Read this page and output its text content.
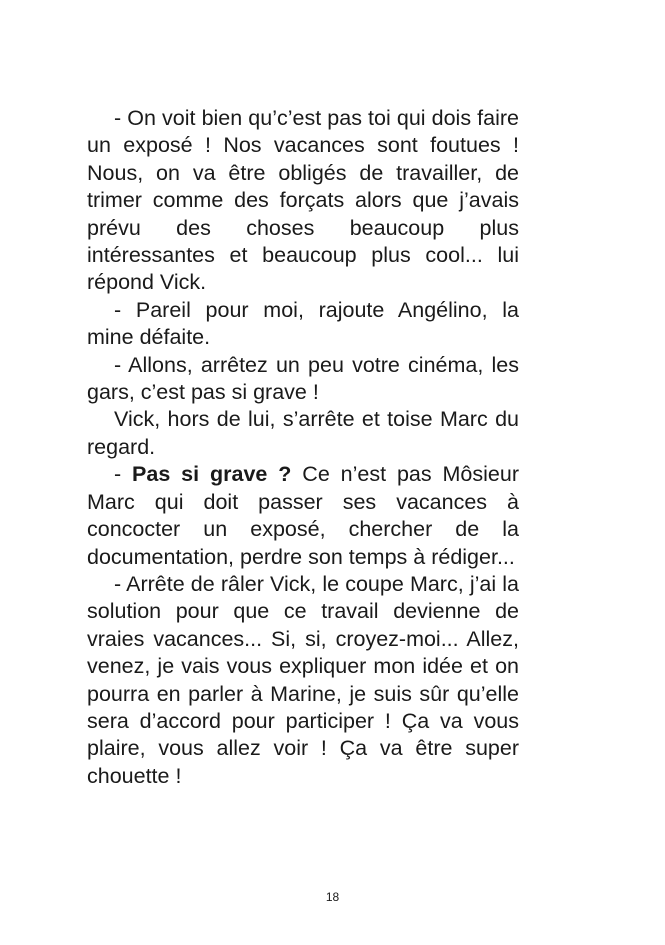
- On voit bien qu’c’est pas toi qui dois faire un exposé ! Nos vacances sont foutues ! Nous, on va être obligés de travailler, de trimer comme des forçats alors que j’avais prévu des choses beaucoup plus intéressantes et beaucoup plus cool... lui répond Vick.

- Pareil pour moi, rajoute Angélino, la mine défaite.

- Allons, arrêtez un peu votre cinéma, les gars, c’est pas si grave !

Vick, hors de lui, s’arrête et toise Marc du regard.

- Pas si grave ? Ce n’est pas Môsieur Marc qui doit passer ses vacances à concocter un exposé, chercher de la documentation, perdre son temps à rédiger...

- Arrête de râler Vick, le coupe Marc, j’ai la solution pour que ce travail devienne de vraies vacances... Si, si, croyez-moi... Allez, venez, je vais vous expliquer mon idée et on pourra en parler à Marine, je suis sûr qu’elle sera d’accord pour participer ! Ça va vous plaire, vous allez voir ! Ça va être super chouette !

18
